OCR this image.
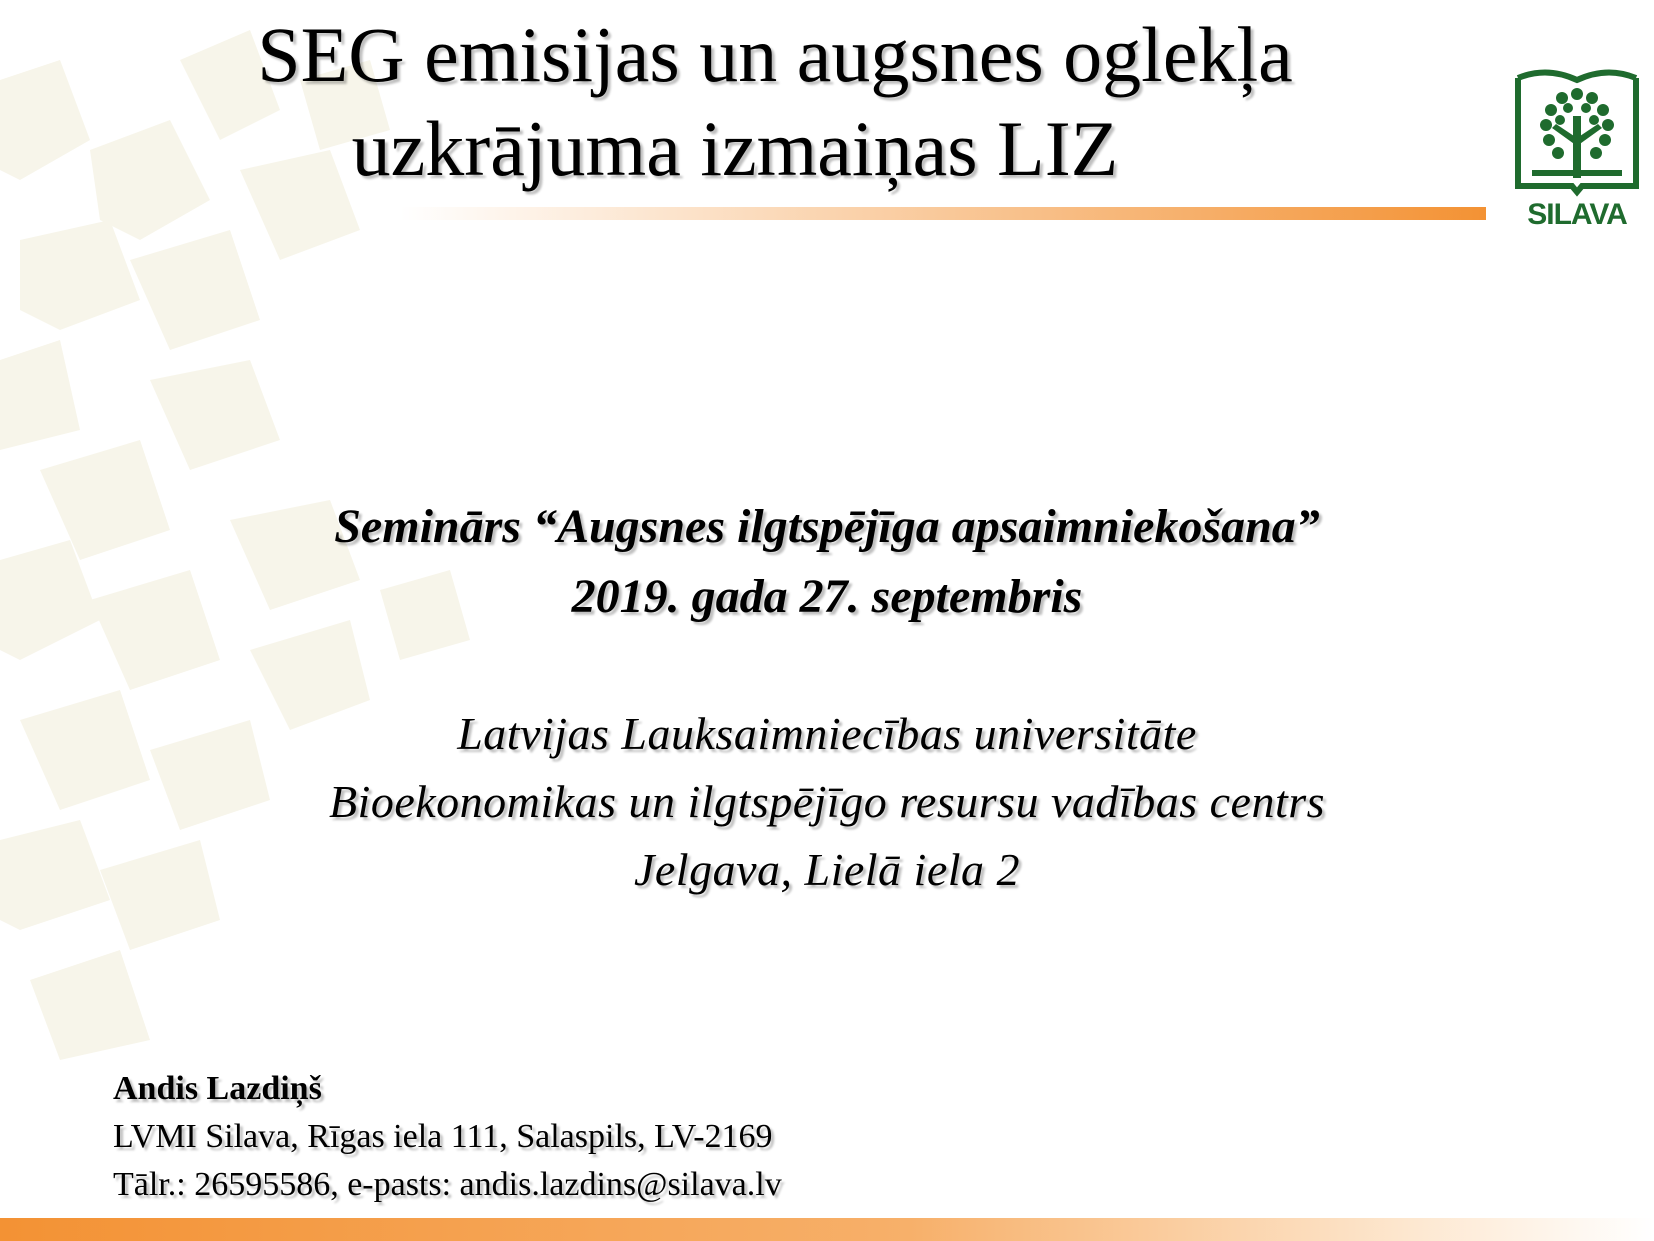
SEG emisijas un augsnes oglekļa
uzkrājuma izmaiņas LIZ
SILAVA
Seminārs “Augsnes ilgtspējīga apsaimniekošana”
2019. gada 27. septembris
Latvijas Lauksaimniecības universitāte
Bioekonomikas un ilgtspējīgo resursu vadības centrs
Jelgava, Lielā iela 2
Andis Lazdiņš
LVMI Silava, Rīgas iela 111, Salaspils, LV-2169
Tālr.: 26595586, e-pasts: andis.lazdins@silava.lv
